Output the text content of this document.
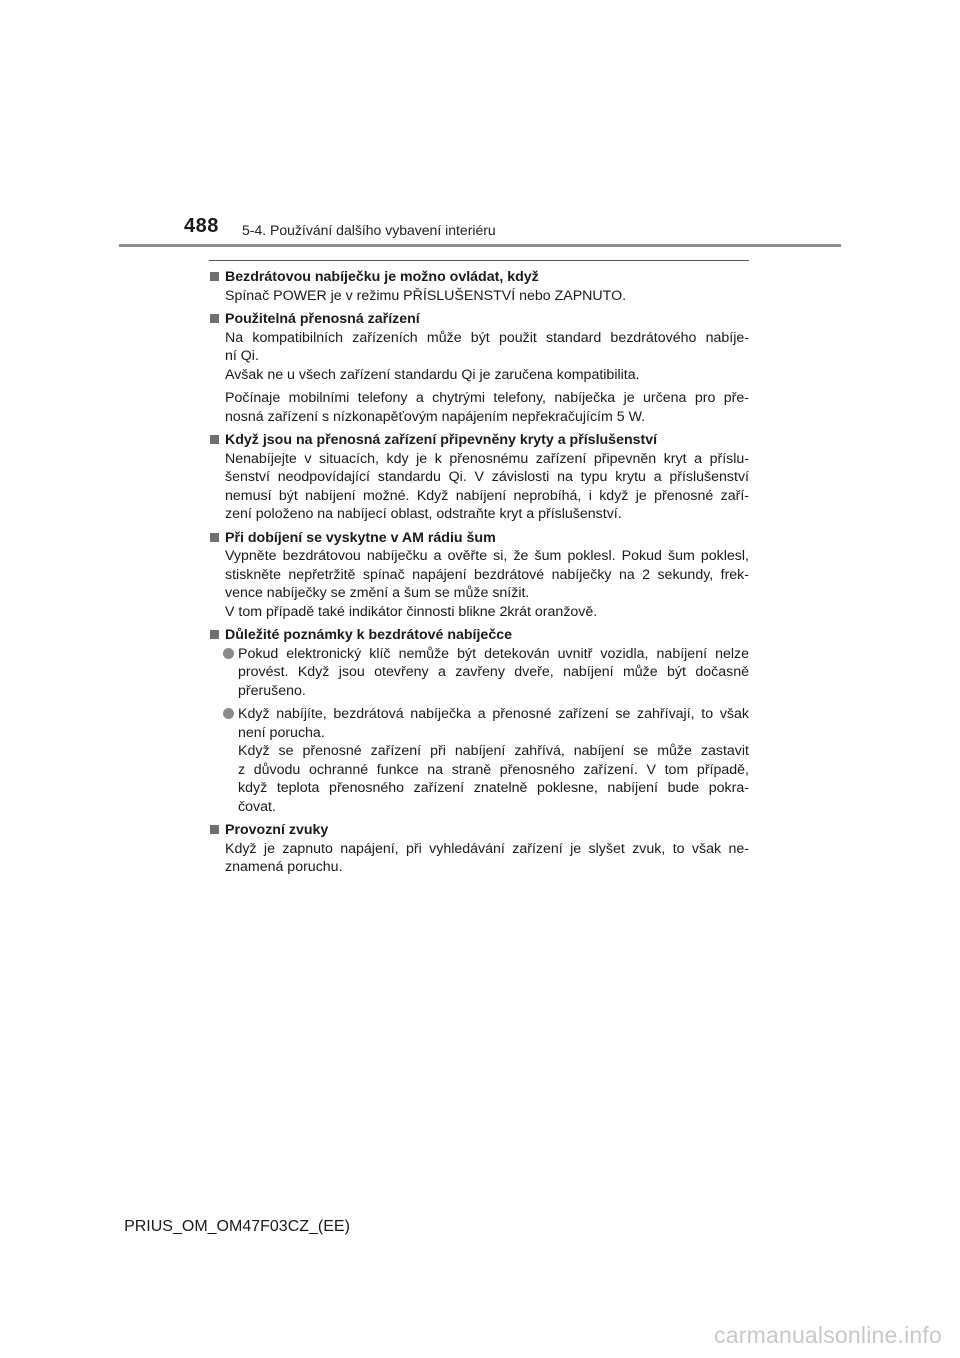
488 5-4. Používání dalšího vybavení interiéru
Bezdrátovou nabíječku je možno ovládat, když
Spínač POWER je v režimu PŘÍSLUŠENSTVÍ nebo ZAPNUTO.
Použitelná přenosná zařízení
Na kompatibilních zařízeních může být použit standard bezdrátového nabíje-
ní Qi.
Avšak ne u všech zařízení standardu Qi je zaručena kompatibilita.
Počínaje mobilními telefony a chytrými telefony, nabíječka je určena pro pře-
nosná zařízení s nízkonapěťovým napájením nepřekračujícím 5 W.
Když jsou na přenosná zařízení připevněny kryty a příslušenství
Nenabíjejte v situacích, kdy je k přenosnému zařízení připevněn kryt a příslu-
šenství neodpovídající standardu Qi. V závislosti na typu krytu a příslušenství
nemusí být nabíjení možné. Když nabíjení neprobíhá, i když je přenosné zaří-
zení položeno na nabíjecí oblast, odstraňte kryt a příslušenství.
Při dobíjení se vyskytne v AM rádiu šum
Vypněte bezdrátovou nabíječku a ověřte si, že šum poklesl. Pokud šum poklesl,
stiskněte nepřetržitě spínač napájení bezdrátové nabíječky na 2 sekundy, frek-
vence nabíječky se změní a šum se může snížit.
V tom případě také indikátor činnosti blikne 2krát oranžově.
Důležité poznámky k bezdrátové nabíječce
Pokud elektronický klíč nemůže být detekován uvnitř vozidla, nabíjení nelze
provést. Když jsou otevřeny a zavřeny dveře, nabíjení může být dočasně
přerušeno.
Když nabíjíte, bezdrátová nabíječka a přenosné zařízení se zahřívají, to však
není porucha.
Když se přenosné zařízení při nabíjení zahřívá, nabíjení se může zastavit
z důvodu ochranné funkce na straně přenosného zařízení. V tom případě,
když teplota přenosného zařízení znatelně poklesne, nabíjení bude pokra-
čovat.
Provozní zvuky
Když je zapnuto napájení, při vyhledávání zařízení je slyšet zvuk, to však ne-
znamená poruchu.
PRIUS_OM_OM47F03CZ_(EE)
carmanualsonline.info
